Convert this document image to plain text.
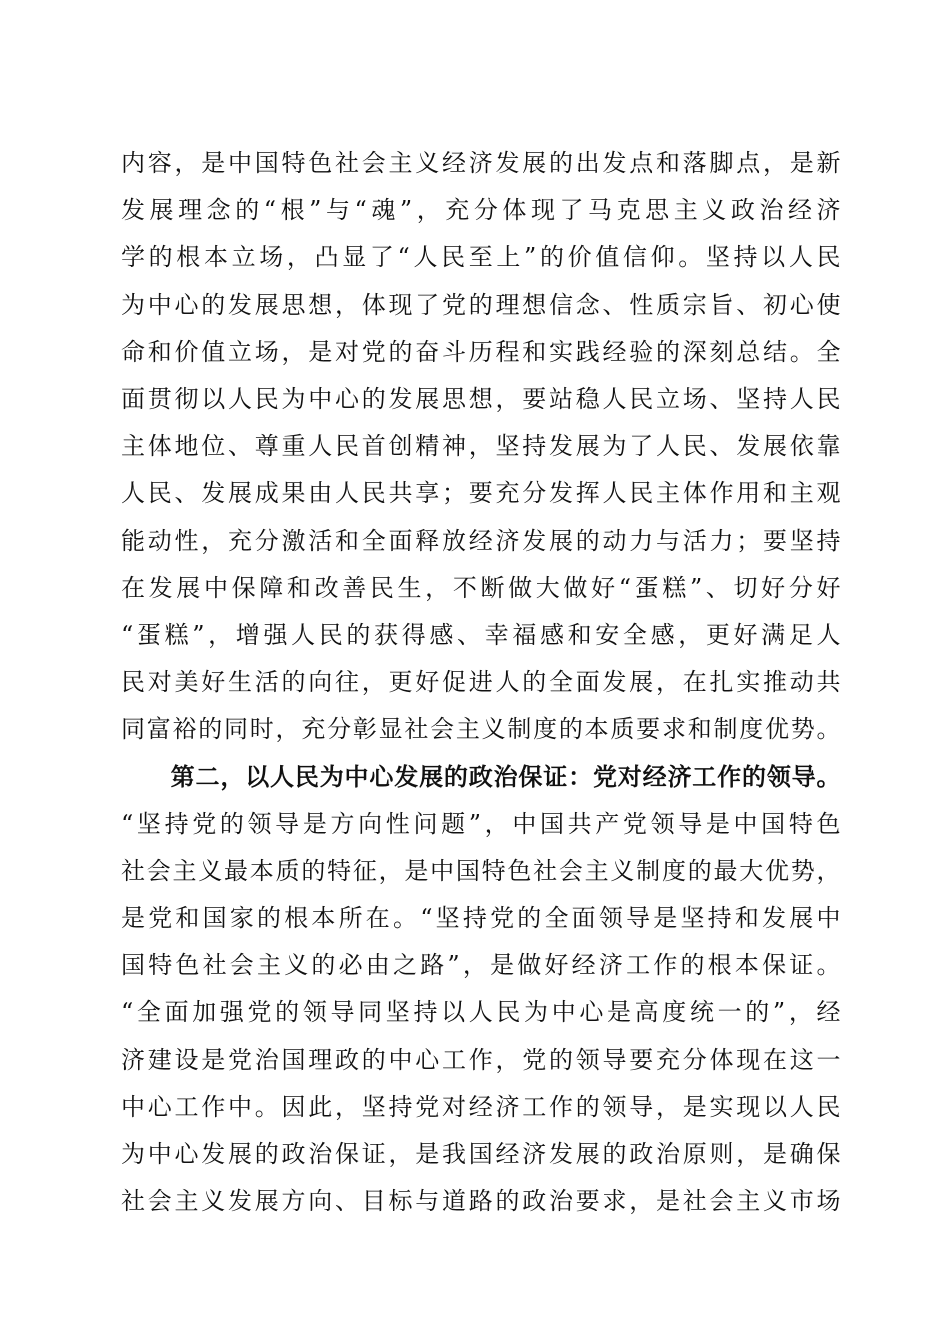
内容，是中国特色社会主义经济发展的出发点和落脚点，是新
发展理念的“根”与“魂”，充分体现了马克思主义政治经济
学的根本立场，凸显了“人民至上”的价值信仰。坚持以人民
为中心的发展思想，体现了党的理想信念、性质宗旨、初心使
命和价值立场，是对党的奋斗历程和实践经验的深刻总结。全
面贯彻以人民为中心的发展思想，要站稳人民立场、坚持人民
主体地位、尊重人民首创精神，坚持发展为了人民、发展依靠
人民、发展成果由人民共享；要充分发挥人民主体作用和主观
能动性，充分激活和全面释放经济发展的动力与活力；要坚持
在发展中保障和改善民生，不断做大做好“蛋糕”、切好分好
“蛋糕”，增强人民的获得感、幸福感和安全感，更好满足人
民对美好生活的向往，更好促进人的全面发展，在扎实推动共
同富裕的同时，充分彰显社会主义制度的本质要求和制度优势。
　　第二，以人民为中心发展的政治保证：党对经济工作的领导。
“坚持党的领导是方向性问题”，中国共产党领导是中国特色
社会主义最本质的特征，是中国特色社会主义制度的最大优势，
是党和国家的根本所在。“坚持党的全面领导是坚持和发展中
国特色社会主义的必由之路”，是做好经济工作的根本保证。
“全面加强党的领导同坚持以人民为中心是高度统一的”，经
济建设是党治国理政的中心工作，党的领导要充分体现在这一
中心工作中。因此，坚持党对经济工作的领导，是实现以人民
为中心发展的政治保证，是我国经济发展的政治原则，是确保
社会主义发展方向、目标与道路的政治要求，是社会主义市场
